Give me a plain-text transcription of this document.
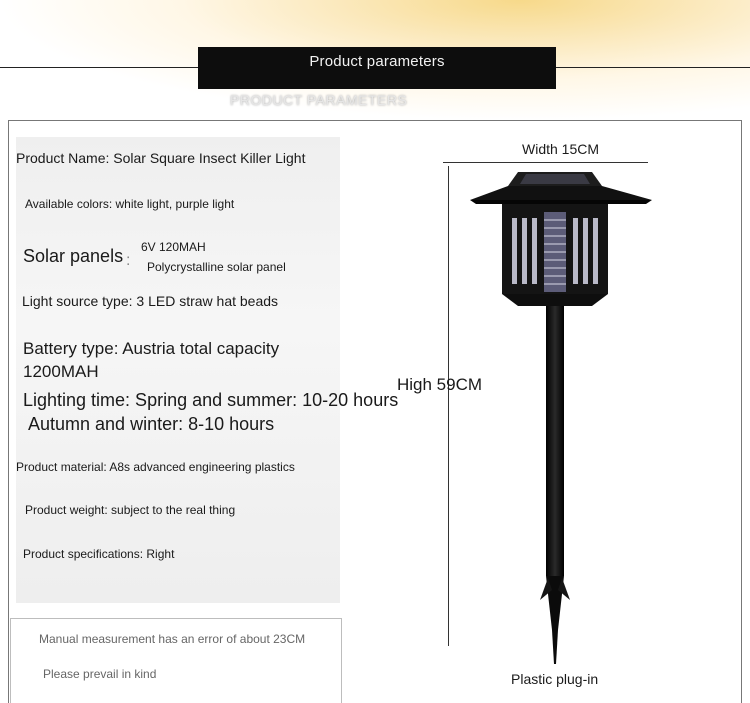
Product parameters
PRODUCT PARAMETERS
Product Name: Solar Square Insect Killer Light
Available colors: white light, purple light
Solar panels :
6V 120MAH
Polycrystalline solar panel
Light source type: 3 LED straw hat beads
Battery type: Austria total capacity
1200MAH
Lighting time: Spring and summer: 10-20 hours
Autumn and winter: 8-10 hours
Product material: A8s advanced engineering plastics
Product weight: subject to the real thing
Product specifications: Right
Manual measurement has an error of about 23CM
Please prevail in kind
Width 15CM
High 59CM
Plastic plug-in
